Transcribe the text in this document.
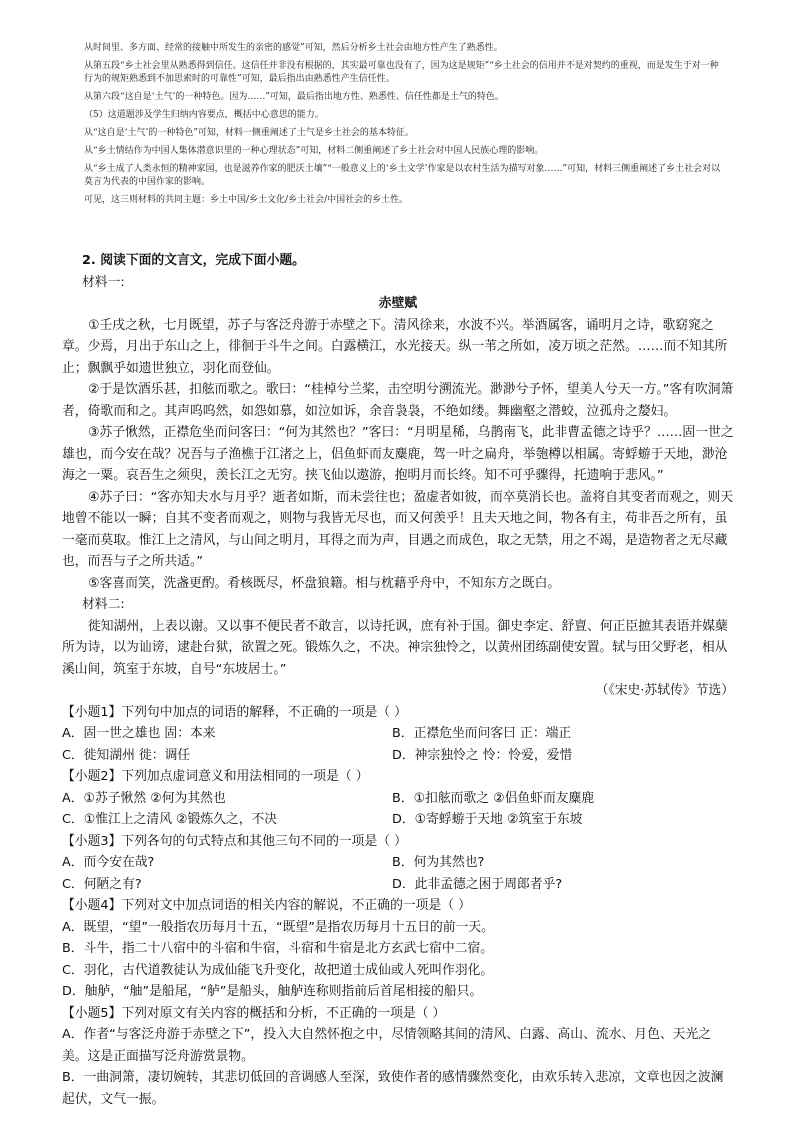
从时间里、多方面、经常的接触中所发生的亲密的感觉”可知，然后分析乡土社会由地方性产生了熟悉性。

从第五段“乡土社会里从熟悉得到信任。这信任并非没有根据的，其实最可靠也没有了，因为这是规矩”“乡土社会的信用并不是对契约的重视，而是发生于对一种行为的规矩熟悉到不加思索时的可靠性”可知，最后指出由熟悉性产生信任性。

从第六段“这自是‘土气’的一种特色。因为……”可知，最后指出地方性、熟悉性、信任性都是土气的特色。

（5）这道题涉及学生归纳内容要点，概括中心意思的能力。

从“这自是‘土气’的一种特色”可知，材料一侧重阐述了土气是乡土社会的基本特征。

从“乡土情结作为中国人集体潜意识里的一种心理状态”可知，材料二侧重阐述了乡土社会对中国人民族心理的影响。

从“乡土成了人类永恒的精神家园，也是滋养作家的肥沃土壤”“一般意义上的‘乡土文学’作家是以农村生活为描写对象……”可知，材料三侧重阐述了乡土社会对以莫言为代表的中国作家的影响。

可见，这三则材料的共同主题：乡土中国/乡土文化/乡土社会/中国社会的乡土性。

2. 阅读下面的文言文，完成下面小题。

材料一:

赤壁赋

①壬戌之秋，七月既望，苏子与客泛舟游于赤壁之下。清风徐来，水波不兴。举酒属客，诵明月之诗，歌窈窕之章。少焉，月出于东山之上，徘徊于斗牛之间。白露横江，水光接天。纵一苇之所如，凌万顷之茫然。……而不知其所止；飘飘乎如遗世独立，羽化而登仙。

②于是饮酒乐甚，扣舷而歌之。歌曰：“桂棹兮兰桨，击空明兮溯流光。渺渺兮予怀，望美人兮天一方。”客有吹洞箫者，倚歌而和之。其声呜呜然，如怨如慕，如泣如诉，余音袅袅，不绝如缕。舞幽壑之潜蛟，泣孤舟之嫠妇。

③苏子愀然，正襟危坐而问客曰：“何为其然也？”客曰：“月明星稀，乌鹊南飞，此非曹孟德之诗乎？……固一世之雄也，而今安在哉？况吾与子渔樵于江渚之上，侣鱼虾而友麋鹿，驾一叶之扁舟，举匏樽以相属。寄蜉蝣于天地，渺沧海之一粟。哀吾生之须臾，羡长江之无穷。挟飞仙以遨游，抱明月而长终。知不可乎骤得，托遗响于悲风。”

④苏子曰：“客亦知夫水与月乎？逝者如斯，而未尝往也；盈虚者如彼，而卒莫消长也。盖将自其变者而观之，则天地曾不能以一瞬；自其不变者而观之，则物与我皆无尽也，而又何羡乎！且夫天地之间，物各有主，苟非吾之所有，虽一毫而莫取。惟江上之清风，与山间之明月，耳得之而为声，目遇之而成色，取之无禁，用之不竭，是造物者之无尽藏也，而吾与子之所共适。”

⑤客喜而笑，洗盏更酌。肴核既尽，杯盘狼籍。相与枕藉乎舟中，不知东方之既白。

材料二:

徙知湖州，上表以谢。又以事不便民者不敢言，以诗托讽，庶有补于国。御史李定、舒亶、何正臣摭其表语并媒蘖所为诗，以为讪谤，逮赴台狱，欲置之死。锻炼久之，不决。神宗独怜之，以黄州团练副使安置。轼与田父野老，相从溪山间，筑室于东坡，自号“东坡居士。”

（《宋史·苏轼传》节选）

【小题1】下列句中加点的词语的解释，不正确的一项是（ ）

A．固一世之雄也 固：本来	B．正襟危坐而问客曰 正：端正
C．徙知湖州 徙：调任	D．神宗独怜之 怜：怜爱，爱惜

【小题2】下列加点虚词意义和用法相同的一项是（ ）

A．①苏子愀然 ②何为其然也	B．①扣舷而歌之 ②侣鱼虾而友麋鹿
C．①惟江上之清风 ②锻炼久之，不决	D．①寄蜉蝣于天地 ②筑室于东坡

【小题3】下列各句的句式特点和其他三句不同的一项是（ ）

A．而今安在哉?	B．何为其然也?
C．何陋之有?	D．此非孟德之困于周郎者乎?

【小题4】下列对文中加点词语的相关内容的解说，不正确的一项是（ ）

A．既望，“望”一般指农历每月十五，“既望”是指农历每月十五日的前一天。

B．斗牛，指二十八宿中的斗宿和牛宿，斗宿和牛宿是北方玄武七宿中二宿。

C．羽化，古代道教徒认为成仙能飞升变化，故把道士成仙或人死叫作羽化。

D．舳舻，“舳”是船尾，“舻”是船头，舳舻连称则指前后首尾相接的船只。

【小题5】下列对原文有关内容的概括和分析，不正确的一项是（ ）

A．作者“与客泛舟游于赤壁之下”，投入大自然怀抱之中，尽情领略其间的清风、白露、高山、流水、月色、天光之美。这是正面描写泛舟游赏景物。

B．一曲洞箫，凄切婉转，其悲切低回的音调感人至深，致使作者的感情骤然变化，由欢乐转入悲凉，文章也因之波澜起伏，文气一振。
